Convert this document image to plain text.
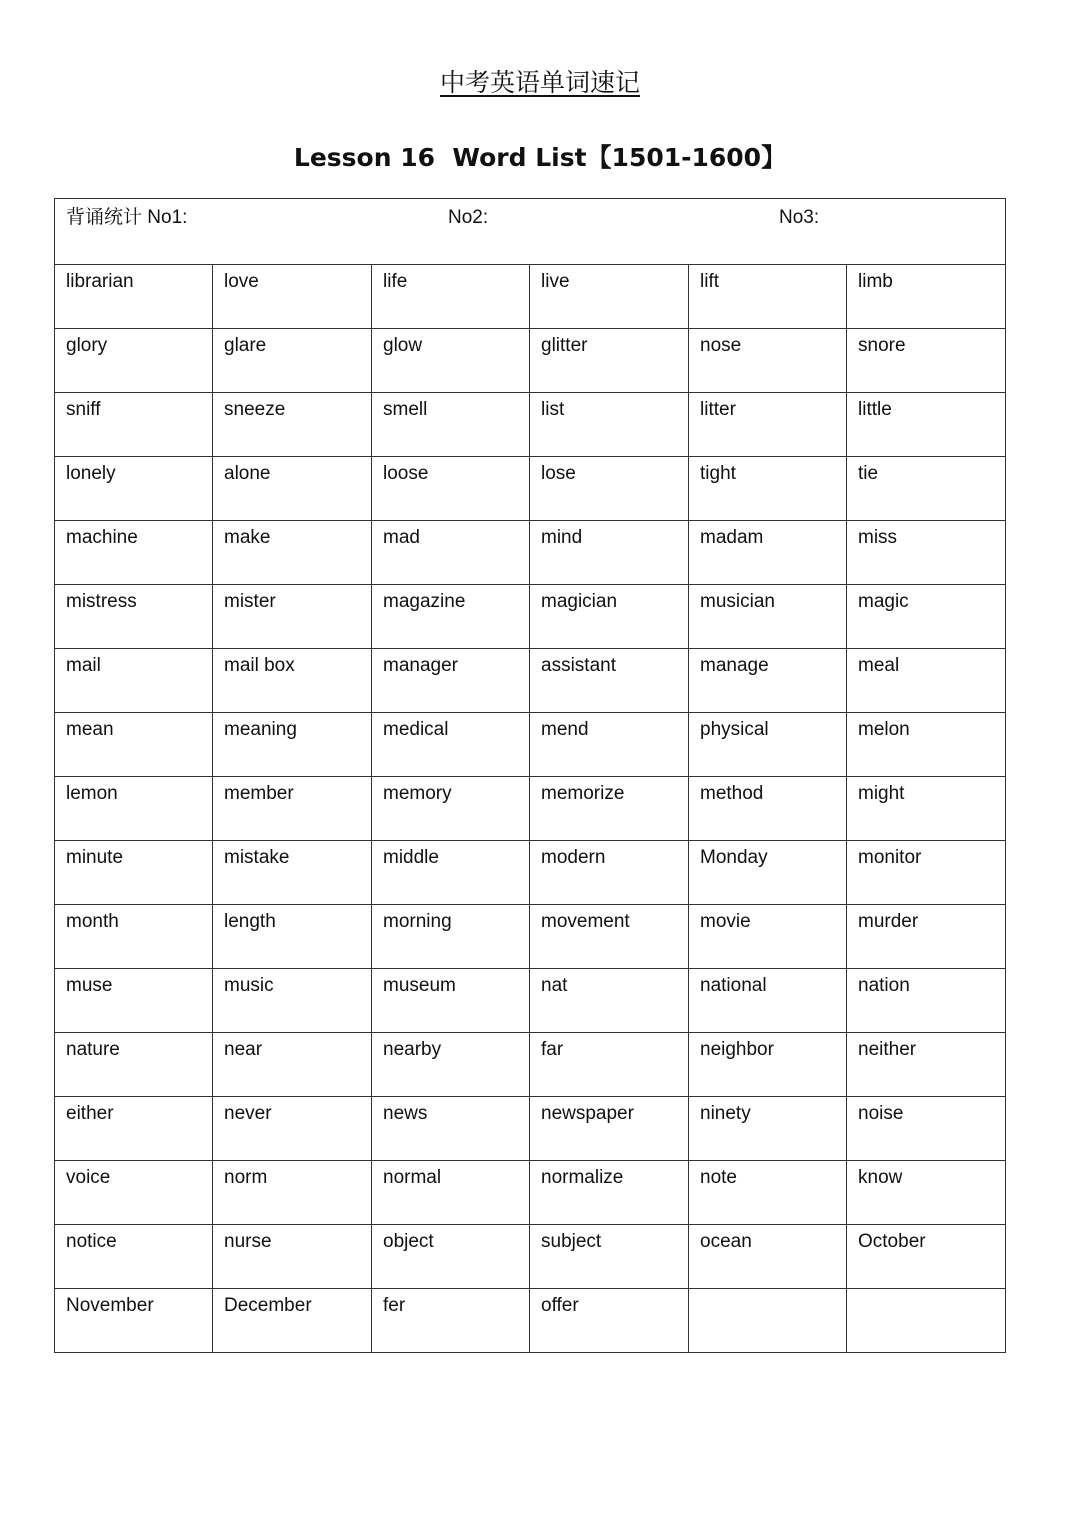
中考英语单词速记
Lesson 16  Word List【1501-1600】
背诵统计 No1: No2: No3:					

librarian	love	life	live	lift	limb
glory	glare	glow	glitter	nose	snore
sniff	sneeze	smell	list	litter	little
lonely	alone	loose	lose	tight	tie
machine	make	mad	mind	madam	miss
mistress	mister	magazine	magician	musician	magic
mail	mail box	manager	assistant	manage	meal
mean	meaning	medical	mend	physical	melon
lemon	member	memory	memorize	method	might
minute	mistake	middle	modern	Monday	monitor
month	length	morning	movement	movie	murder
muse	music	museum	nat	national	nation
nature	near	nearby	far	neighbor	neither
either	never	news	newspaper	ninety	noise
voice	norm	normal	normalize	note	know
notice	nurse	object	subject	ocean	October
November	December	fer	offer		
